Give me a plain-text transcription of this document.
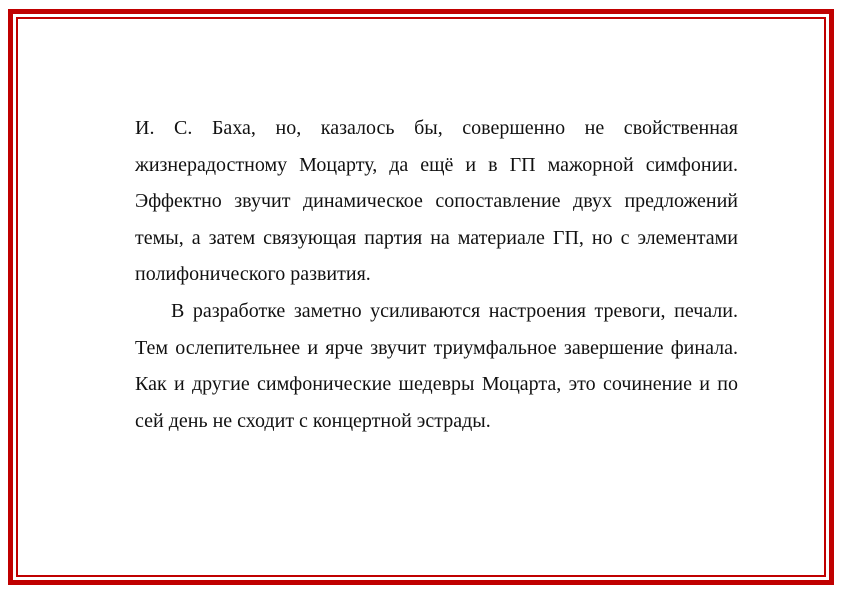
И. С. Баха, но, казалось бы, совершенно не свойственная жизнерадостному Моцарту, да ещё и в ГП мажорной симфонии. Эффектно звучит динамическое сопоставление двух предложений темы, а затем связующая партия на материале ГП, но с элементами полифонического развития.

В разработке заметно усиливаются настроения тревоги, печали. Тем ослепительнее и ярче звучит триумфальное завершение финала. Как и другие симфонические шедевры Моцарта, это сочинение и по сей день не сходит с концертной эстрады.
